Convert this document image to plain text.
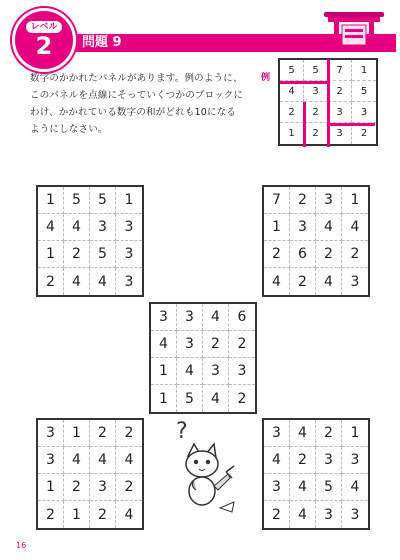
レベル
2 問題 9
数字のかかれたパネルがあります。例のように、このパネルを点線にそっていくつかのブロックにわけ、かかれている数字の和がどれも10になるようにしなさい。
例
5	5	7	1
4	3	2	5
2	2	3	3
1	2	3	2
1	5	5	1
4	4	3	3
1	2	5	3
2	4	4	3
7	2	3	1
1	3	4	4
2	6	2	2
4	2	4	3
3	3	4	6
4	3	2	2
1	4	3	3
1	5	4	2
3	1	2	2
3	4	4	4
1	2	3	2
2	1	2	4
3	4	2	1
4	2	3	3
3	4	5	4
2	4	3	3
?
16
